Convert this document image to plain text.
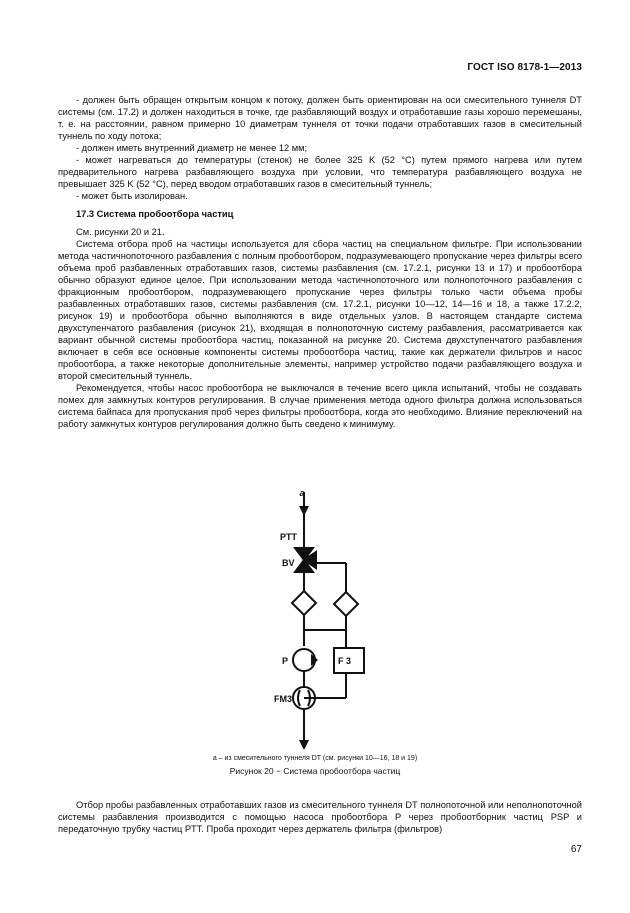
ГОСТ ISO 8178-1—2013

- должен быть обращен открытым концом к потоку, должен быть ориентирован на оси смесительного туннеля DT системы (см. 17.2) и должен находиться в точке, где разбавляющий воздух и отработавшие газы хорошо перемешаны, т. е. на расстоянии, равном примерно 10 диаметрам туннеля от точки подачи отработавших газов в смесительный туннель по ходу потока;

- должен иметь внутренний диаметр не менее 12 мм;

- может нагреваться до температуры (стенок) не более 325 K (52 °C) путем прямого нагрева или путем предварительного нагрева разбавляющего воздуха при условии, что температура разбавляющего воздуха не превышает 325 K (52 °C), перед вводом отработавших газов в смесительный туннель;

- может быть изолирован.

17.3 Система пробоотбора частиц

См. рисунки 20 и 21.

Система отбора проб на частицы используется для сбора частиц на специальном фильтре. При использовании метода частичнопоточного разбавления с полным пробоотбором, подразумевающего пропускание через фильтры всего объема проб разбавленных отработавших газов, системы разбавления (см. 17.2.1, рисунки 13 и 17) и пробоотбора обычно образуют единое целое. При использовании метода частичнопоточного или полнопоточного разбавления с фракционным пробоотбором, подразумевающего пропускание через фильтры только части объема пробы разбавленных отработавших газов, системы разбавления (см. 17.2.1, рисунки 10—12, 14—16 и 18, а также 17.2.2, рисунок 19) и пробоотбора обычно выполняются в виде отдельных узлов. В настоящем стандарте система двухступенчатого разбавления (рисунок 21), входящая в полнопоточную систему разбавления, рассматривается как вариант обычной системы пробоотбора частиц, показанной на рисунке 20. Система двухступенчатого разбавления включает в себя все основные компоненты системы пробоотбора частиц, такие как держатели фильтров и насос пробоотбора, а также некоторые дополнительные элементы, например устройство подачи разбавляющего воздуха и второй смесительный туннель.

Рекомендуется, чтобы насос пробоотбора не выключался в течение всего цикла испытаний, чтобы не создавать помех для замкнутых контуров регулирования. В случае применения метода одного фильтра должна использоваться система байпаса для пропускания проб через фильтры пробоотбора, когда это необходимо. Влияние переключений на работу замкнутых контуров регулирования должно быть сведено к минимуму.

a
PTT
BV
P	F 3
FM3
a – из смесительного туннеля DT (см. рисунки 10—16, 18 и 19)
Рисунок 20 − Система пробоотбора частиц

Отбор пробы разбавленных отработавших газов из смесительного туннеля DT полнопоточной или неполнопоточной системы разбавления производится с помощью насоса пробоотбора P через пробоотборник частиц PSP и передаточную трубку частиц PTT. Проба проходит через держатель фильтра (фильтров)

67
